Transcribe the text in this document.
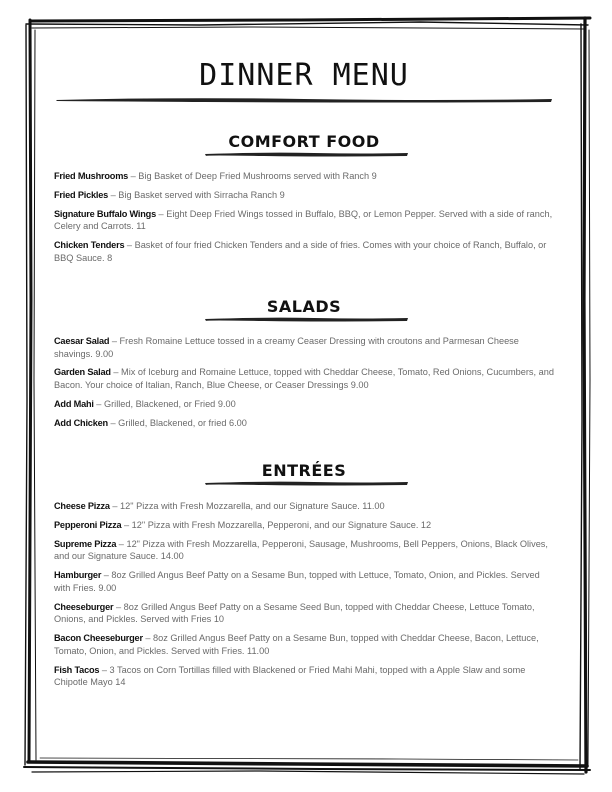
DINNER MENU
COMFORT FOOD
Fried Mushrooms – Big Basket of Deep Fried Mushrooms served with Ranch 9
Fried Pickles – Big Basket served with Sirracha Ranch 9
Signature Buffalo Wings – Eight Deep Fried Wings tossed in Buffalo, BBQ, or Lemon Pepper. Served with a side of ranch, Celery and Carrots. 11
Chicken Tenders – Basket of four fried Chicken Tenders and a side of fries. Comes with your choice of Ranch, Buffalo, or BBQ Sauce. 8
SALADS
Caesar Salad – Fresh Romaine Lettuce tossed in a creamy Ceaser Dressing with croutons and Parmesan Cheese shavings. 9.00
Garden Salad – Mix of Iceburg and Romaine Lettuce, topped with Cheddar Cheese, Tomato, Red Onions, Cucumbers, and Bacon. Your choice of Italian, Ranch, Blue Cheese, or Ceaser Dressings 9.00
Add Mahi – Grilled, Blackened, or Fried 9.00
Add Chicken – Grilled, Blackened, or fried 6.00
ENTRÉES
Cheese Pizza – 12" Pizza with Fresh Mozzarella, and our Signature Sauce. 11.00
Pepperoni Pizza – 12" Pizza with Fresh Mozzarella, Pepperoni, and our Signature Sauce. 12
Supreme Pizza – 12" Pizza with Fresh Mozzarella, Pepperoni, Sausage, Mushrooms, Bell Peppers, Onions, Black Olives, and our Signature Sauce. 14.00
Hamburger – 8oz Grilled Angus Beef Patty on a Sesame Bun, topped with Lettuce, Tomato, Onion, and Pickles. Served with Fries. 9.00
Cheeseburger – 8oz Grilled Angus Beef Patty on a Sesame Seed Bun, topped with Cheddar Cheese, Lettuce Tomato, Onions, and Pickles. Served with Fries 10
Bacon Cheeseburger – 8oz Grilled Angus Beef Patty on a Sesame Bun, topped with Cheddar Cheese, Bacon, Lettuce, Tomato, Onion, and Pickles. Served with Fries. 11.00
Fish Tacos – 3 Tacos on Corn Tortillas filled with Blackened or Fried Mahi Mahi, topped with a Apple Slaw and some Chipotle Mayo 14
